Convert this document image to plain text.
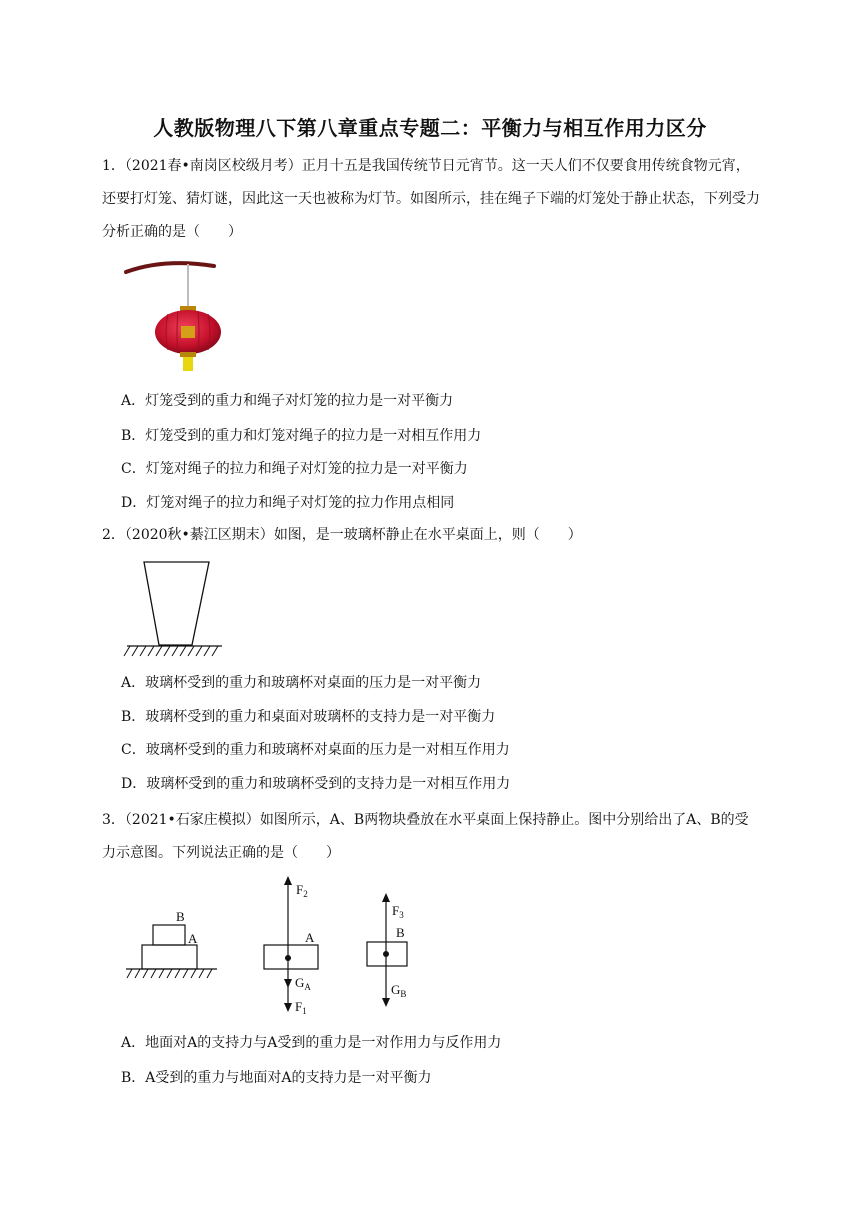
人教版物理八下第八章重点专题二：平衡力与相互作用力区分
1．（2021春•南岗区校级月考）正月十五是我国传统节日元宵节。这一天人们不仅要食用传统食物元宵，还要打灯笼、猜灯谜，因此这一天也被称为灯节。如图所示，挂在绳子下端的灯笼处于静止状态，下列受力分析正确的是（　　）
A．灯笼受到的重力和绳子对灯笼的拉力是一对平衡力
B．灯笼受到的重力和灯笼对绳子的拉力是一对相互作用力
C．灯笼对绳子的拉力和绳子对灯笼的拉力是一对平衡力
D．灯笼对绳子的拉力和绳子对灯笼的拉力作用点相同
2．（2020秋•綦江区期末）如图，是一玻璃杯静止在水平桌面上，则（　　）
A．玻璃杯受到的重力和玻璃杯对桌面的压力是一对平衡力
B．玻璃杯受到的重力和桌面对玻璃杯的支持力是一对平衡力
C．玻璃杯受到的重力和玻璃杯对桌面的压力是一对相互作用力
D．玻璃杯受到的重力和玻璃杯受到的支持力是一对相互作用力
3．（2021•石家庄模拟）如图所示，A、B两物块叠放在水平桌面上保持静止。图中分别给出了A、B的受力示意图。下列说法正确的是（　　）
B
A
$F_2$
A
$G_A$
$F_1$
$F_3$
B
$G_B$
A．地面对A的支持力与A受到的重力是一对作用力与反作用力
B．A受到的重力与地面对A的支持力是一对平衡力
